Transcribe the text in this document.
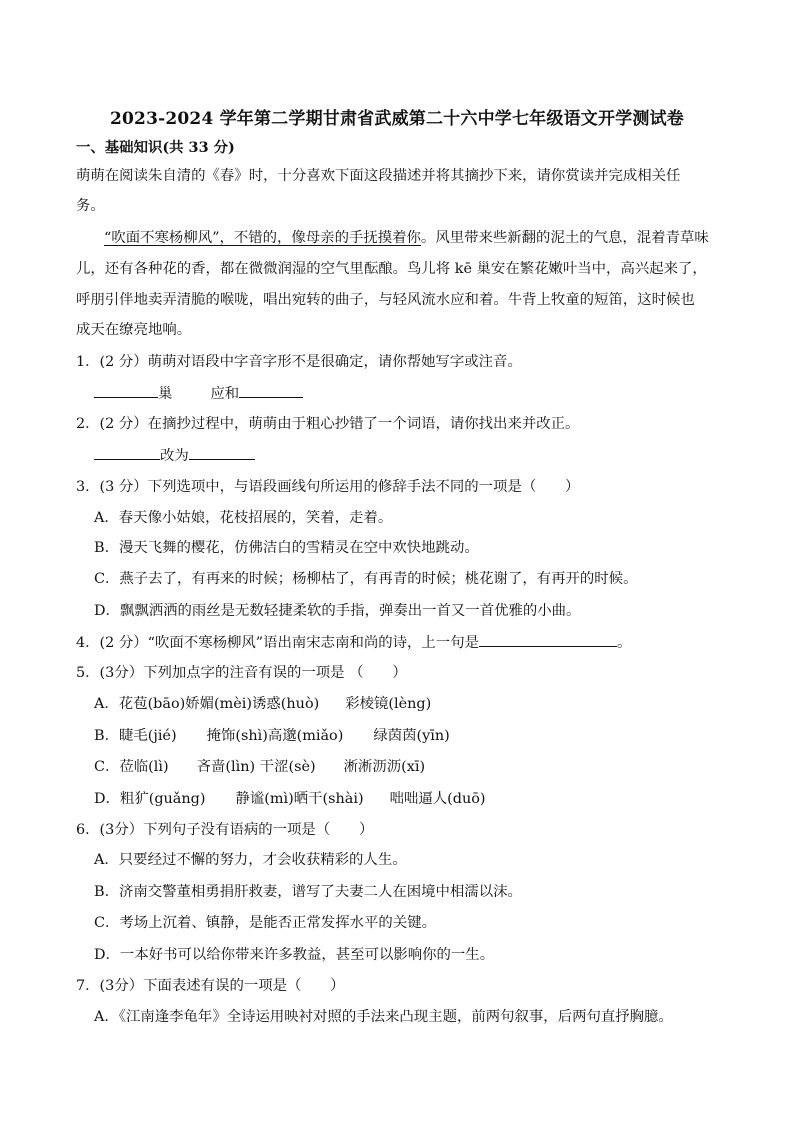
2023-2024 学年第二学期甘肃省武威第二十六中学七年级语文开学测试卷
一、基础知识(共 33 分)
萌萌在阅读朱自清的《春》时，十分喜欢下面这段描述并将其摘抄下来，请你赏读并完成相关任
务。
“吹面不寒杨柳风”，不错的，像母亲的手抚摸着你。风里带来些新翻的泥土的气息，混着青草味
儿，还有各种花的香，都在微微润湿的空气里酝酿。鸟儿将 kē 巢安在繁花嫩叶当中，高兴起来了，
呼朋引伴地卖弄清脆的喉咙，唱出宛转的曲子，与轻风流水应和着。牛背上牧童的短笛，这时候也
成天在缭亮地响。
1．(2 分）萌萌对语段中字音字形不是很确定，请你帮她写字或注音。
巢	应和
2．(2 分）在摘抄过程中，萌萌由于粗心抄错了一个词语，请你找出来并改正。
改为
3．(3 分）下列选项中，与语段画线句所运用的修辞手法不同的一项是（　　）
A．春天像小姑娘，花枝招展的，笑着，走着。
B．漫天飞舞的樱花，仿佛洁白的雪精灵在空中欢快地跳动。
C．燕子去了，有再来的时候；杨柳枯了，有再青的时候；桃花谢了，有再开的时候。
D．飘飘洒洒的雨丝是无数轻捷柔软的手指，弹奏出一首又一首优雅的小曲。
4．(2 分）“吹面不寒杨柳风”语出南宋志南和尚的诗，上一句是	。
5．(3分）下列加点字的注音有误的一项是 （　　）
A．花苞(bāo)娇媚(mèi)诱惑(huò) 彩棱镜(lèng)
B．睫毛(jié) 掩饰(shì)高邈(miǎo) 绿茵茵(yīn)
C．莅临(lì) 吝啬(lìn) 干涩(sè) 淅淅沥沥(xī)
D．粗犷(guǎng) 静谧(mì)晒干(shài) 咄咄逼人(duō)
6．(3分）下列句子没有语病的一项是（　　）
A．只要经过不懈的努力，才会收获精彩的人生。
B．济南交警董相勇捐肝救妻，谱写了夫妻二人在困境中相濡以沫。
C．考场上沉着、镇静，是能否正常发挥水平的关键。
D．一本好书可以给你带来许多教益，甚至可以影响你的一生。
7．(3分）下面表述有误的一项是（　　）
A．《江南逢李龟年》全诗运用映衬对照的手法来凸现主题，前两句叙事，后两句直抒胸臆。
